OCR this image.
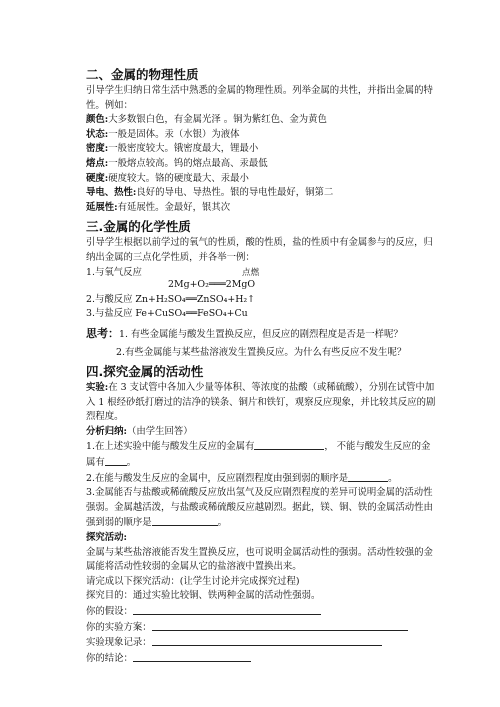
二、金属的物理性质

引导学生归纳日常生活中熟悉的金属的物理性质。列举金属的共性，并指出金属的特性。例如：

颜色:大多数银白色，有金属光泽 。铜为紫红色、金为黄色
状态:一般是固体。汞（水银）为液体
密度:一般密度较大。锇密度最大，锂最小
熔点:一般熔点较高。钨的熔点最高、汞最低
硬度:硬度较大。铬的硬度最大、汞最小
导电、热性:良好的导电、导热性。银的导电性最好，铜第二
延展性:有延展性。金最好，银其次
三.金属的化学性质

引导学生根据以前学过的氧气的性质，酸的性质，盐的性质中有金属参与的反应，归纳出金属的三点化学性质，并各举一例：

1.与氧气反应	点燃
2Mg+O₂═══2MgO
2.与酸反应 Zn+H₂SO₄══ZnSO₄+H₂↑
3.与盐反应 Fe+CuSO₄══FeSO₄+Cu
思考：1. 有些金属能与酸发生置换反应，但反应的剧烈程度是否是一样呢？
2.有些金属能与某些盐溶液发生置换反应。为什么有些反应不发生呢？
四.探究金属的活动性
实验:在 3 支试管中各加入少量等体积、等浓度的盐酸（或稀硫酸），分别在试管中加入 1 根经砂纸打磨过的洁净的镁条、铜片和铁钉，观察反应现象，并比较其反应的剧烈程度。
分析归纳:（由学生回答）
1.在上述实验中能与酸发生反应的金属有	， 不能与酸发生反应的金属有 。
2.在能与酸发生反应的金属中，反应剧烈程度由强到弱的顺序是	。
3.金属能否与盐酸或稀硫酸反应放出氢气及反应剧烈程度的差异可说明金属的活动性强弱。金属越活泼，与盐酸或稀硫酸反应越剧烈。据此，镁、铜、铁的金属活动性由强到弱的顺序是	。
探究活动:

金属与某些盐溶液能否发生置换反应，也可说明金属活动性的强弱。活动性较强的金属能将活动性较弱的金属从它的盐溶液中置换出来。

请完成以下探究活动：(让学生讨论并完成探究过程)
探究目的：通过实验比较铜、铁两种金属的活动性强弱。
你的假设：
你的实验方案：
实验现象记录：
你的结论：
